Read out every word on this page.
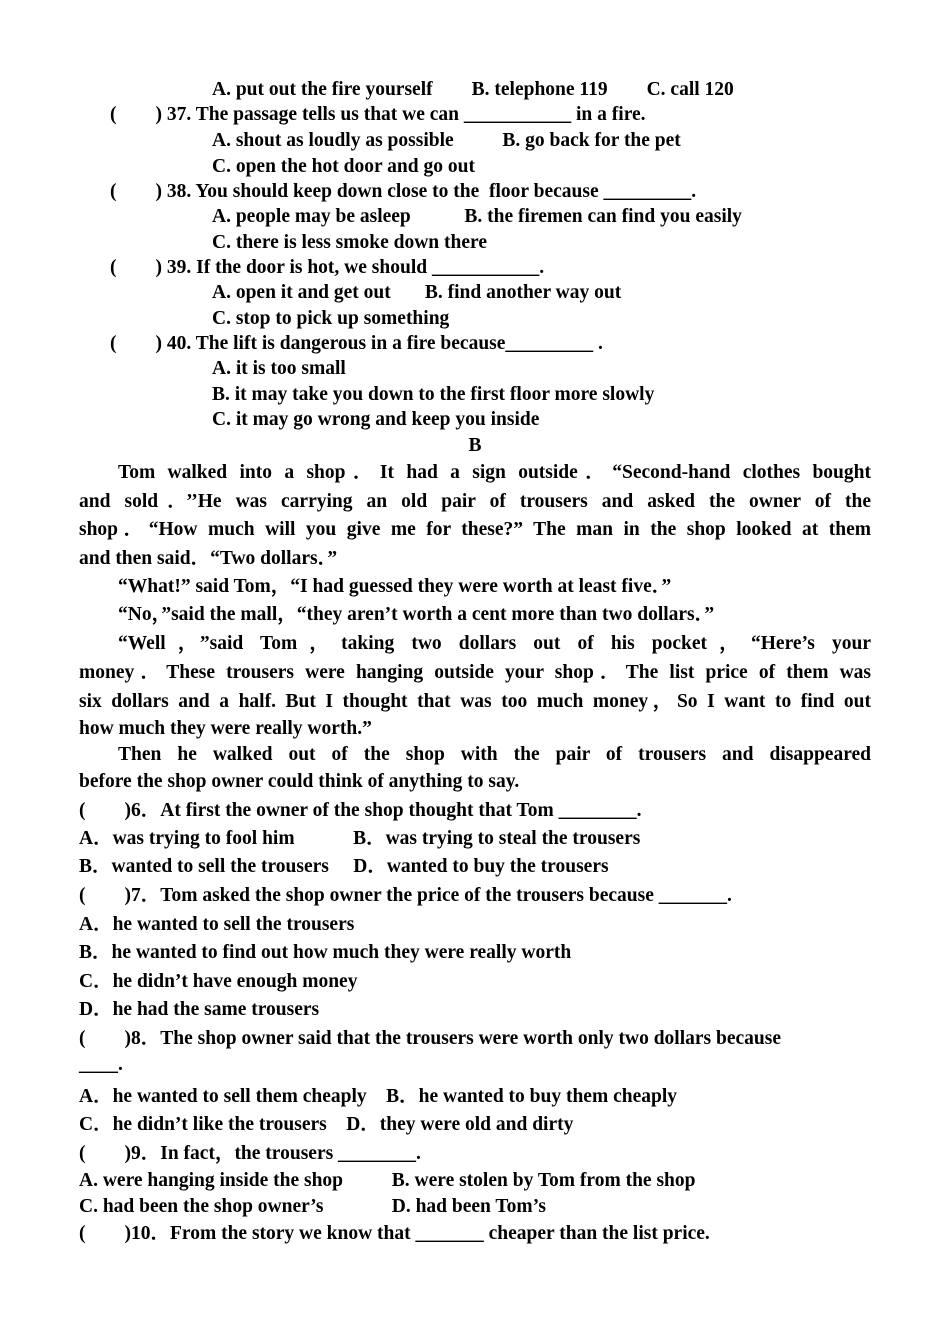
A. put out the fire yourself        B. telephone 119        C. call 120
(        ) 37. The passage tells us that we can ___________ in a fire.
A. shout as loudly as possible          B. go back for the pet
C. open the hot door and go out
(        ) 38. You should keep down close to the  floor because _________.
A. people may be asleep           B. the firemen can find you easily
C. there is less smoke down there
(        ) 39. If the door is hot, we should ___________.
A. open it and get out       B. find another way out
C. stop to pick up something
(        ) 40. The lift is dangerous in a fire because_________ .
A. it is too small
B. it may take you down to the first floor more slowly
C. it may go wrong and keep you inside
B
Tom walked into a shop．It had a sign outside．“Second-hand clothes bought
and sold．’’He was carrying an old pair of trousers and asked the owner of the
shop．“How much will you give me for these?” The man in the shop looked at them
and then said．“Two dollars．”
“What!” said Tom，“I had guessed they were worth at least five．”
“No，”said the mall，“they aren’t worth a cent more than two dollars．”
“Well，”said Tom，taking two dollars out of his pocket，“Here’s your
money．These trousers were hanging outside your shop．The list price of them was
six dollars and a half. But I thought that was too much money，So I want to find out
how much they were really worth.”
Then he walked out of the shop with the pair of trousers and disappeared
before the shop owner could think of anything to say.
(        )6．At first the owner of the shop thought that Tom ________.
A．was trying to fool him            B．was trying to steal the trousers
B．wanted to sell the trousers     D．wanted to buy the trousers
(        )7．Tom asked the shop owner the price of the trousers because _______.
A．he wanted to sell the trousers
B．he wanted to find out how much they were really worth
C．he didn’t have enough money
D．he had the same trousers
(        )8．The shop owner said that the trousers were worth only two dollars because
____.
A．he wanted to sell them cheaply    B．he wanted to buy them cheaply
C．he didn’t like the trousers    D．they were old and dirty
(        )9．In fact，the trousers ________.
A. were hanging inside the shop          B. were stolen by Tom from the shop
C. had been the shop owner’s              D. had been Tom’s
(        )10．From the story we know that _______ cheaper than the list price.
